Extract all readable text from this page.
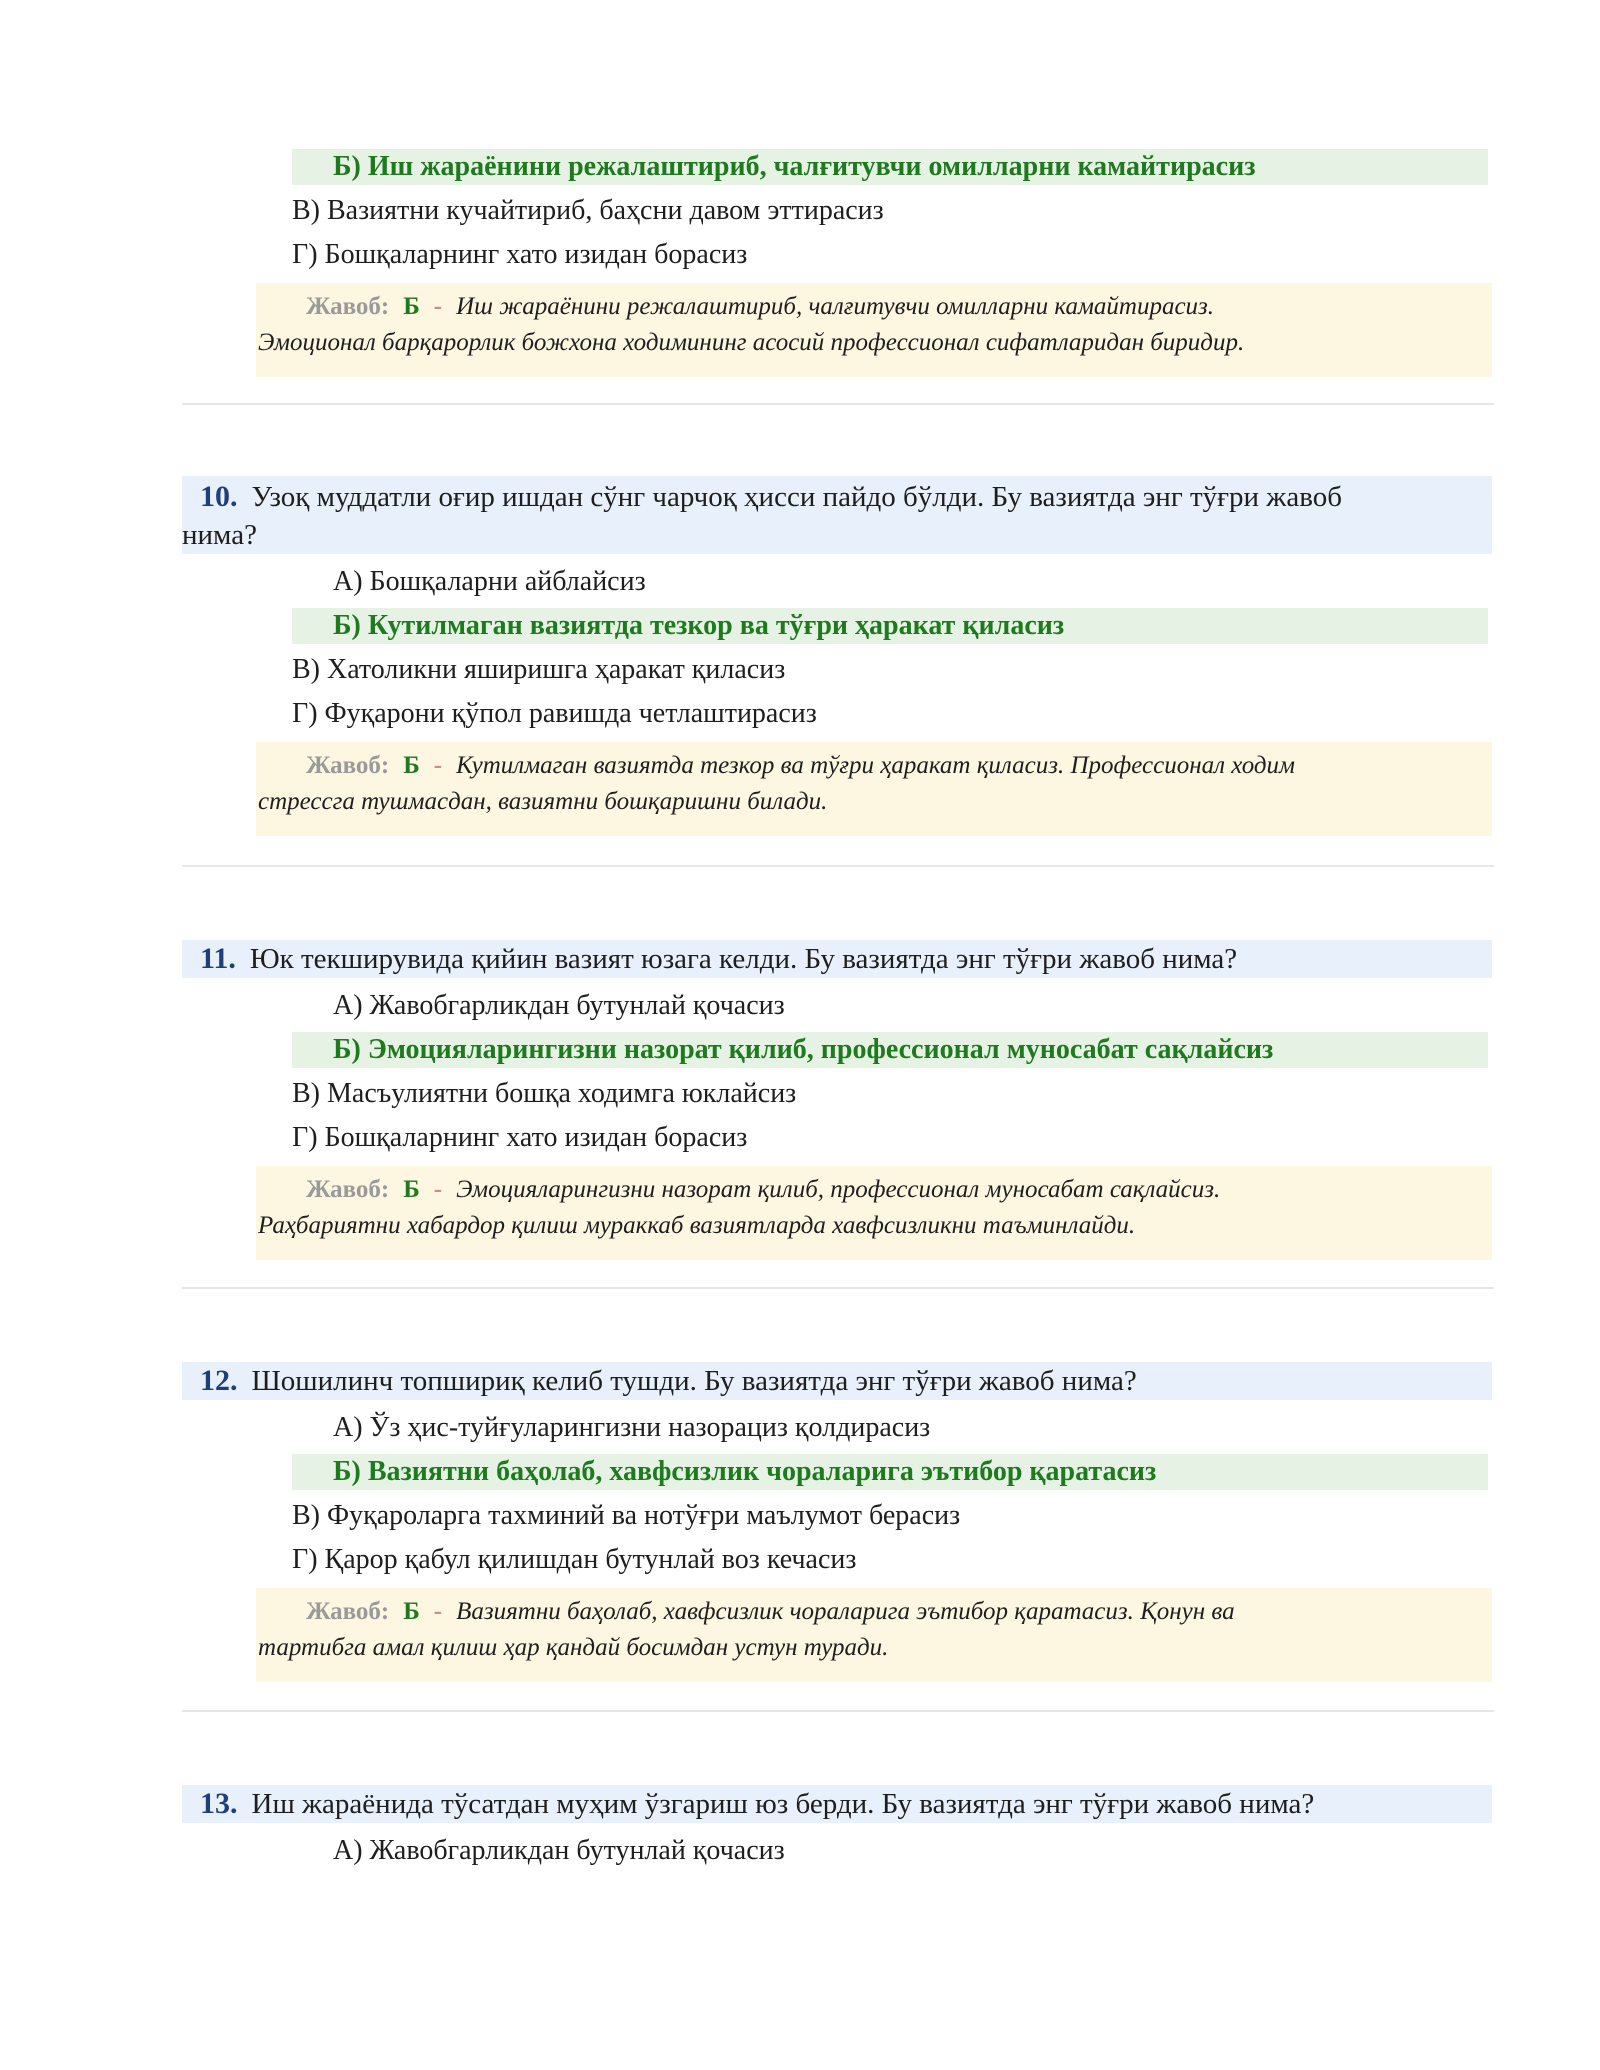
Б) Иш жараёнини режалаштириб, чалғитувчи омилларни камайтирасиз
В) Вазиятни кучайтириб, баҳсни давом эттирасиз
Г) Бошқаларнинг хато изидан борасиз
Жавоб: Б - Иш жараёнини режалаштириб, чалғитувчи омилларни камайтирасиз.
Эмоционал барқарорлик божхона ходимининг асосий профессионал сифатларидан биридир.
10. Узоқ муддатли оғир ишдан сўнг чарчоқ ҳисси пайдо бўлди. Бу вазиятда энг тўғри жавоб
нима?
А) Бошқаларни айблайсиз
Б) Кутилмаган вазиятда тезкор ва тўғри ҳаракат қиласиз
В) Хатоликни яширишга ҳаракат қиласиз
Г) Фуқарони қўпол равишда четлаштирасиз
Жавоб: Б - Кутилмаган вазиятда тезкор ва тўғри ҳаракат қиласиз. Профессионал ходим
стрессга тушмасдан, вазиятни бошқаришни билади.
11. Юк текширувида қийин вазият юзага келди. Бу вазиятда энг тўғри жавоб нима?
А) Жавобгарликдан бутунлай қочасиз
Б) Эмоцияларингизни назорат қилиб, профессионал муносабат сақлайсиз
В) Масъулиятни бошқа ходимга юклайсиз
Г) Бошқаларнинг хато изидан борасиз
Жавоб: Б - Эмоцияларингизни назорат қилиб, профессионал муносабат сақлайсиз.
Раҳбариятни хабардор қилиш мураккаб вазиятларда хавфсизликни таъминлайди.
12. Шошилинч топшириқ келиб тушди. Бу вазиятда энг тўғри жавоб нима?
А) Ўз ҳис-туйғуларингизни назорациз қолдирасиз
Б) Вазиятни баҳолаб, хавфсизлик чораларига эътибор қаратасиз
В) Фуқароларга тахминий ва нотўғри маълумот берасиз
Г) Қарор қабул қилишдан бутунлай воз кечасиз
Жавоб: Б - Вазиятни баҳолаб, хавфсизлик чораларига эътибор қаратасиз. Қонун ва
тартибга амал қилиш ҳар қандай босимдан устун туради.
13. Иш жараёнида тўсатдан муҳим ўзгариш юз берди. Бу вазиятда энг тўғри жавоб нима?
А) Жавобгарликдан бутунлай қочасиз
